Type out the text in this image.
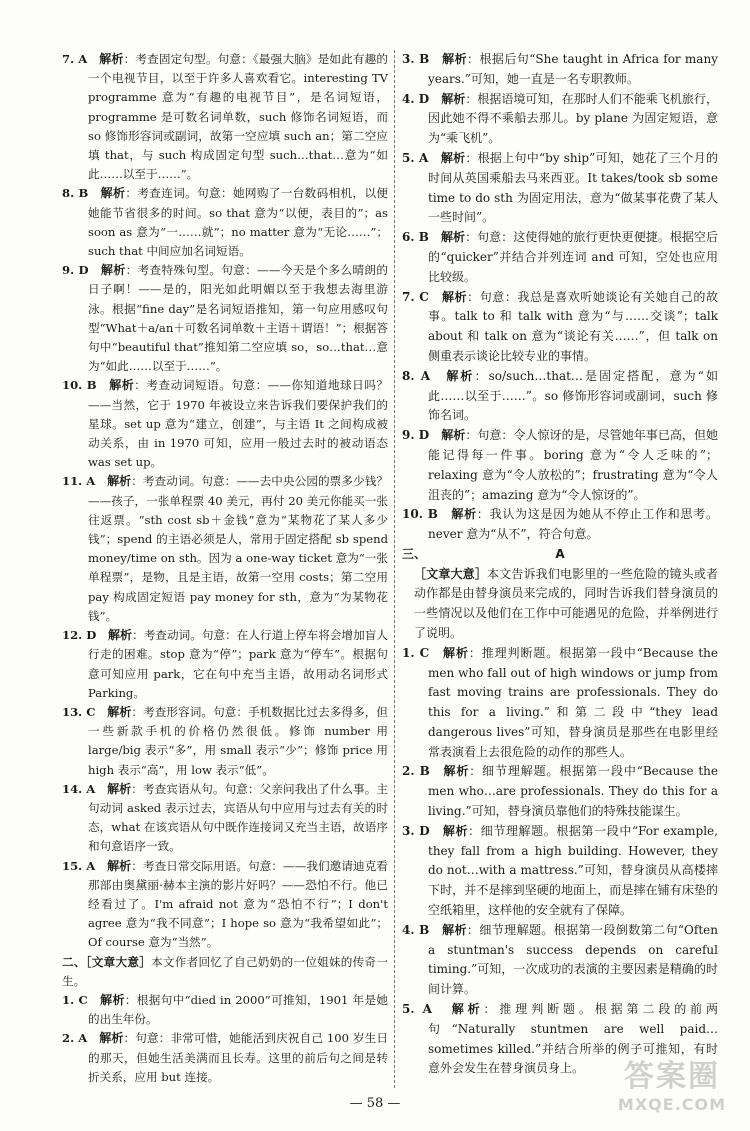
7. A　 解析：考查固定句型。句意：《最强大脑》是如此有趣的一个电视节目，以至于许多人喜欢看它。interesting TV programme 意为“有趣的电视节目”，是名词短语，programme 是可数名词单数，such 修饰名词短语，而 so 修饰形容词或副词，故第一空应填 such an；第二空应填 that，与 such 构成固定句型 such…that…意为“如此……以至于……”。

8. B　 解析：考查连词。句意：她网购了一台数码相机，以便她能节省很多的时间。so that 意为“以便，表目的”；as soon as 意为“一……就”；no matter 意为“无论……”；such that 中间应加名词短语。

9. D　 解析：考查特殊句型。句意：——今天是个多么晴朗的日子啊！——是的，阳光如此明媚以至于我想去海里游泳。根据“fine day”是名词短语推知，第一句应用感叹句型“What＋a/an＋可数名词单数＋主语＋谓语！”；根据答句中“beautiful that”推知第二空应填 so，so…that…意为“如此……以至于……”。

10. B　 解析：考查动词短语。句意：——你知道地球日吗？——当然，它于 1970 年被设立来告诉我们要保护我们的星球。set up 意为“建立，创建”，与主语 It 之间构成被动关系，由 in 1970 可知，应用一般过去时的被动语态 was set up。

11. A　 解析：考查动词。句意：——去中央公园的票多少钱？——孩子，一张单程票 40 美元，再付 20 美元你能买一张往返票。“sth cost sb＋金钱”意为“某物花了某人多少钱”；spend 的主语必须是人，常用于固定搭配 sb spend money/time on sth。因为 a one-way ticket 意为“一张单程票”，是物，且是主语，故第一空用 costs；第二空用 pay 构成固定短语 pay money for sth，意为“为某物花钱”。

12. D　 解析：考查动词。句意：在人行道上停车将会增加盲人行走的困难。stop 意为“停”；park 意为“停车”。根据句意可知应用 park，它在句中充当主语，故用动名词形式 Parking。

13. C　 解析：考查形容词。句意：手机数据比过去多得多，但一些新款手机的价格仍然很低。修饰 number 用 large/big 表示“多”，用 small 表示“少”；修饰 price 用 high 表示“高”，用 low 表示“低”。

14. A　 解析：考查宾语从句。句意：父亲问我出了什么事。主句动词 asked 表示过去，宾语从句中应用与过去有关的时态，what 在该宾语从句中既作连接词又充当主语，故语序和句意语序一致。

15. A　 解析：考查日常交际用语。句意：——我们邀请迪克看那部由奥黛丽·赫本主演的影片好吗？——恐怕不行。他已经看过了。I'm afraid not 意为“恐怕不行”；I don't agree 意为“我不同意”；I hope so 意为“我希望如此”；Of course 意为“当然”。

二、［文章大意］本文作者回忆了自己奶奶的一位姐妹的传奇一生。

1. C　 解析：根据句中“died in 2000”可推知，1901 年是她的出生年份。

2. A　 解析：句意：非常可惜，她能活到庆祝自己 100 岁生日的那天，但她生活美满而且长寿。这里的前后句之间是转折关系，应用 but 连接。

3. B　 解析：根据后句“She taught in Africa for many years.”可知，她一直是一名专职教师。

4. D　 解析：根据语境可知，在那时人们不能乘飞机旅行，因此她不得不乘船去那儿。by plane 为固定短语，意为“乘飞机”。

5. A　 解析：根据上句中“by ship”可知，她花了三个月的时间从英国乘船去马来西亚。It takes/took sb some time to do sth 为固定用法，意为“做某事花费了某人一些时间”。

6. B　 解析：句意：这使得她的旅行更快更便捷。根据空后的“quicker”并结合并列连词 and 可知，空处也应用比较级。

7. C　 解析：句意：我总是喜欢听她谈论有关她自己的故事。talk to 和 talk with 意为“与……交谈”；talk about 和 talk on 意为“谈论有关……”，但 talk on 侧重表示谈论比较专业的事情。

8. A　 解析：so/such…that…是固定搭配，意为“如此……以至于……”。so 修饰形容词或副词，such 修饰名词。

9. D　 解析：句意：令人惊讶的是，尽管她年事已高，但她能记得每一件事。boring 意为“令人乏味的”；relaxing 意为“令人放松的”；frustrating 意为“令人沮丧的”；amazing 意为“令人惊讶的”。

10. B　 解析：我认为这是因为她从不停止工作和思考。never 意为“从不”，符合句意。

三、	A

［文章大意］本文告诉我们电影里的一些危险的镜头或者动作都是由替身演员来完成的，同时告诉我们替身演员的一些情况以及他们在工作中可能遇见的危险，并举例进行了说明。

1. C　 解析：推理判断题。根据第一段中“Because the men who fall out of high windows or jump from fast moving trains are professionals. They do this for a living.”和第二段中“they lead dangerous lives”可知，替身演员是那些在电影里经常表演看上去很危险的动作的那些人。

2. B　 解析：细节理解题。根据第一段中“Because the men who…are professionals. They do this for a living.”可知，替身演员靠他们的特殊技能谋生。

3. D　 解析：细节理解题。根据第一段中“For example, they fall from a high building. However, they do not…with a mattress.”可知，替身演员从高楼摔下时，并不是摔到坚硬的地面上，而是摔在铺有床垫的空纸箱里，这样他的安全就有了保障。

4. B　 解析：细节理解题。根据第一段倒数第二句“Often a stuntman's success depends on careful timing.”可知，一次成功的表演的主要因素是精确的时间计算。

5. A　 解析：推理判断题。根据第二段的前两句“Naturally stuntmen are well paid… sometimes killed.”并结合所举的例子可推知，有时意外会发生在替身演员身上。

— 58 —
答案圈
MXQE.COM
